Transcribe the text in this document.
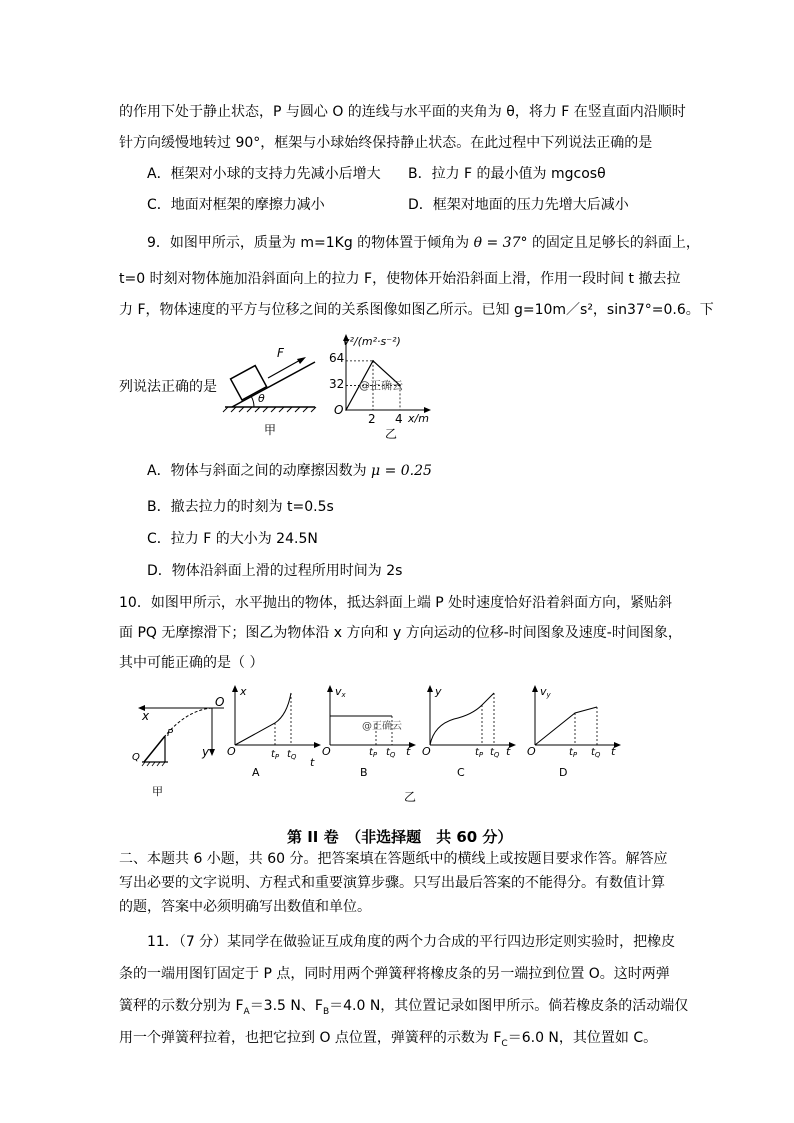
的作用下处于静止状态，P 与圆心 O 的连线与水平面的夹角为 θ，将力 F 在竖直面内沿顺时
针方向缓慢地转过 90°，框架与小球始终保持静止状态。在此过程中下列说法正确的是
A．框架对小球的支持力先减小后增大 B．拉力 F 的最小值为 mgcosθ
C．地面对框架的摩擦力减小	D．框架对地面的压力先增大后减小
9．如图甲所示，质量为 m=1Kg 的物体置于倾角为 θ = 37° 的固定且足够长的斜面上，
t=0 时刻对物体施加沿斜面向上的拉力 F，使物体开始沿斜面上滑，作用一段时间 t 撤去拉
力 F，物体速度的平方与位移之间的关系图像如图乙所示。已知 g=10m／s²，sin37°=0.6。下
列说法正确的是
θ
F
甲
v²/(m²·s⁻²)
x/m
O
64
32
2 4
@正确云
乙
A．物体与斜面之间的动摩擦因数为 μ = 0.25
B．撤去拉力的时刻为 t=0.5s
C．拉力 F 的大小为 24.5N
D．物体沿斜面上滑的过程所用时间为 2s
10．如图甲所示，水平抛出的物体，抵达斜面上端 P 处时速度恰好沿着斜面方向，紧贴斜
面 PQ 无摩擦滑下；图乙为物体沿 x 方向和 y 方向运动的位移-时间图象及速度-时间图象，
其中可能正确的是（ ）
x
y
O
P
Q
甲
x
O
t
$t_P$ $t_Q$
A
vx
O	t
@正确云
$t_P$ $t_Q$
B
y
O	t
$t_P$ $t_Q$
C
vy
O	t
$t_P$ $t_Q$
D
乙
第 II 卷　（非选择题　共 60 分）
二、本题共 6 小题，共 60 分。把答案填在答题纸中的横线上或按题目要求作答。解答应
写出必要的文字说明、方程式和重要演算步骤。只写出最后答案的不能得分。有数值计算
的题，答案中必须明确写出数值和单位。
11．（7 分）某同学在做验证互成角度的两个力合成的平行四边形定则实验时，把橡皮
条的一端用图钉固定于 P 点，同时用两个弹簧秤将橡皮条的另一端拉到位置 O。这时两弹
簧秤的示数分别为 $F_A=3.5$ N、$F_B=4.0$ N，其位置记录如图甲所示。倘若橡皮条的活动端仅
用一个弹簧秤拉着，也把它拉到 O 点位置，弹簧秤的示数为 $F_C=6.0$ N，其位置如 C。
